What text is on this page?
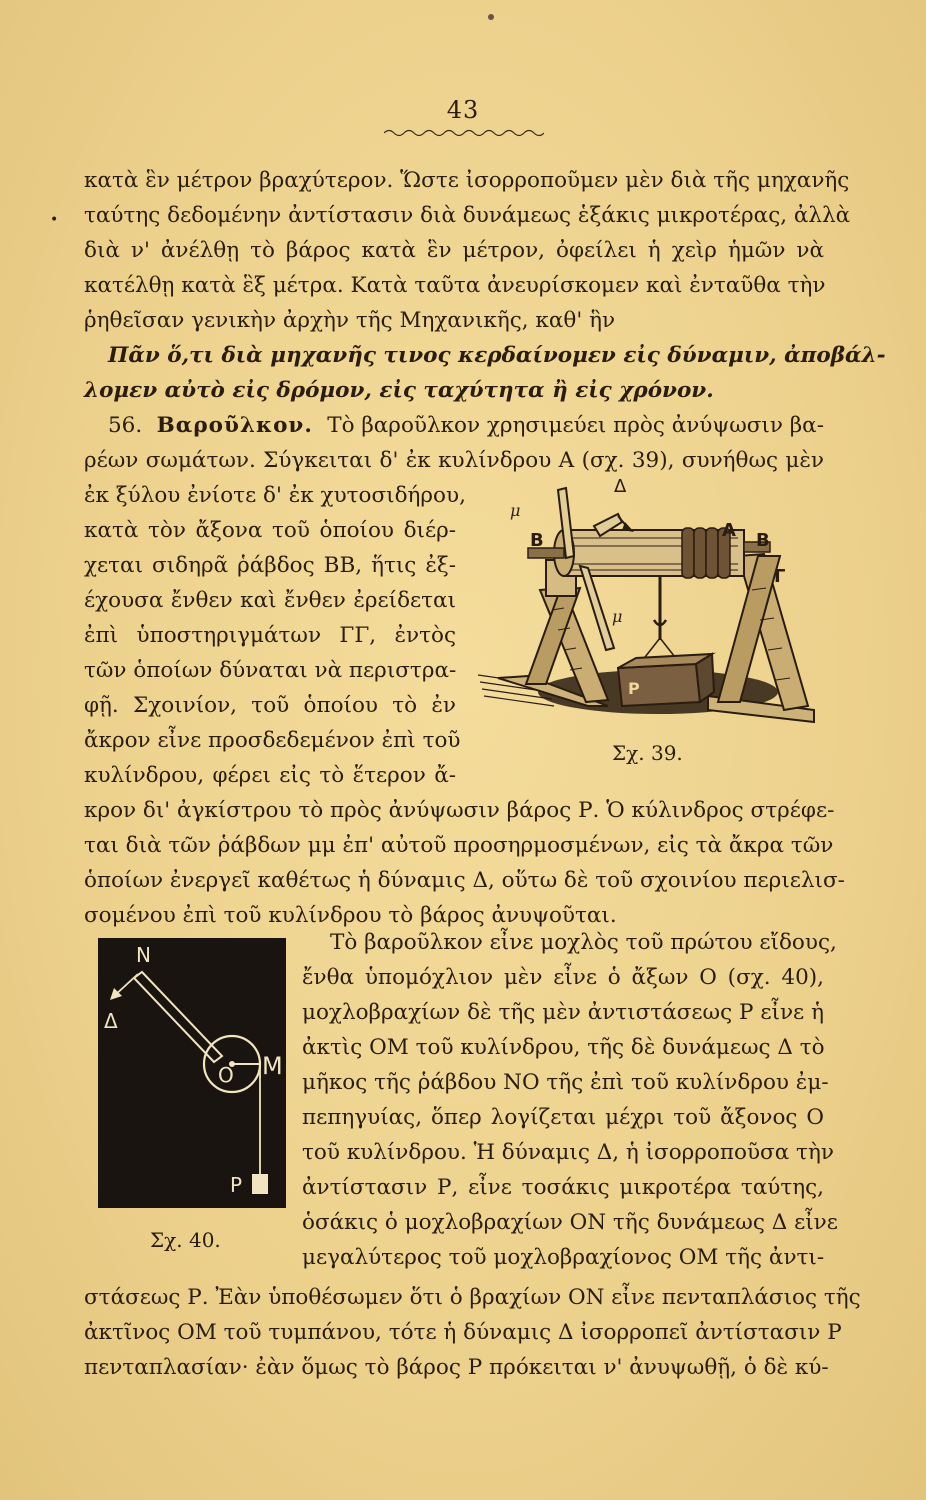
43
•
κατὰ ἓν μέτρον βραχύτερον. Ὥστε ἰσορροποῦμεν μὲν διὰ τῆς μηχανῆς
ταύτης δεδομένην ἀντίστασιν διὰ δυνάμεως ἑξάκις μικροτέρας, ἀλλὰ
διὰ ν' ἀνέλθῃ τὸ βάρος κατὰ ἓν μέτρον, ὀφείλει ἡ χεὶρ ἡμῶν νὰ
κατέλθῃ κατὰ ἓξ μέτρα. Κατὰ ταῦτα ἀνευρίσκομεν καὶ ἐνταῦθα τὴν
ῥηθεῖσαν γενικὴν ἀρχὴν τῆς Μηχανικῆς, καθ' ἣν
Πᾶν ὅ,τι διὰ μηχανῆς τινος κερδαίνομεν εἰς δύναμιν, ἀποβάλ-
λομεν αὐτὸ εἰς δρόμον, εἰς ταχύτητα ἢ εἰς χρόνον.
56. Βαροῦλκον. Τὸ βαροῦλκον χρησιμεύει πρὸς ἀνύψωσιν βα-
ρέων σωμάτων. Σύγκειται δ' ἐκ κυλίνδρου Α (σχ. 39), συνήθως μὲν
ἐκ ξύλου ἐνίοτε δ' ἐκ χυτοσιδήρου,
κατὰ τὸν ἄξονα τοῦ ὁποίου διέρ-
χεται σιδηρᾶ ῥάβδος ΒΒ, ἥτις ἐξ-
έχουσα ἔνθεν καὶ ἔνθεν ἐρείδεται
ἐπὶ ὑποστηριγμάτων ΓΓ, ἐντὸς
τῶν ὁποίων δύναται νὰ περιστρα-
φῇ. Σχοινίον, τοῦ ὁποίου τὸ ἐν
ἄκρον εἶνε προσδεδεμένον ἐπὶ τοῦ
κυλίνδρου, φέρει εἰς τὸ ἕτερον ἄ-
Δ
μ
Β	Α Β
Γ
μ
Ρ
Σχ. 39.
κρον δι' ἀγκίστρου τὸ πρὸς ἀνύψωσιν βάρος Ρ. Ὁ κύλινδρος στρέφε-
ται διὰ τῶν ῥάβδων μμ ἐπ' αὐτοῦ προσηρμοσμένων, εἰς τὰ ἄκρα τῶν
ὁποίων ἐνεργεῖ καθέτως ἡ δύναμις Δ, οὕτω δὲ τοῦ σχοινίου περιελισ-
σομένου ἐπὶ τοῦ κυλίνδρου τὸ βάρος ἀνυψοῦται.
Ν
Δ
Ο Μ
Ρ
Σχ. 40.
Τὸ βαροῦλκον εἶνε μοχλὸς τοῦ πρώτου εἴδους,
ἔνθα ὑπομόχλιον μὲν εἶνε ὁ ἄξων Ο (σχ. 40),
μοχλοβραχίων δὲ τῆς μὲν ἀντιστάσεως Ρ εἶνε ἡ
ἀκτὶς ΟΜ τοῦ κυλίνδρου, τῆς δὲ δυνάμεως Δ τὸ
μῆκος τῆς ῥάβδου ΝΟ τῆς ἐπὶ τοῦ κυλίνδρου ἐμ-
πεπηγυίας, ὅπερ λογίζεται μέχρι τοῦ ἄξονος Ο
τοῦ κυλίνδρου. Ἡ δύναμις Δ, ἡ ἰσορροποῦσα τὴν
ἀντίστασιν Ρ, εἶνε τοσάκις μικροτέρα ταύτης,
ὁσάκις ὁ μοχλοβραχίων ΟΝ τῆς δυνάμεως Δ εἶνε
μεγαλύτερος τοῦ μοχλοβραχίονος ΟΜ τῆς ἀντι-
στάσεως Ρ. Ἐὰν ὑποθέσωμεν ὅτι ὁ βραχίων ΟΝ εἶνε πενταπλάσιος τῆς
ἀκτῖνος ΟΜ τοῦ τυμπάνου, τότε ἡ δύναμις Δ ἰσορροπεῖ ἀντίστασιν Ρ
πενταπλασίαν· ἐὰν ὅμως τὸ βάρος Ρ πρόκειται ν' ἀνυψωθῇ, ὁ δὲ κύ-
